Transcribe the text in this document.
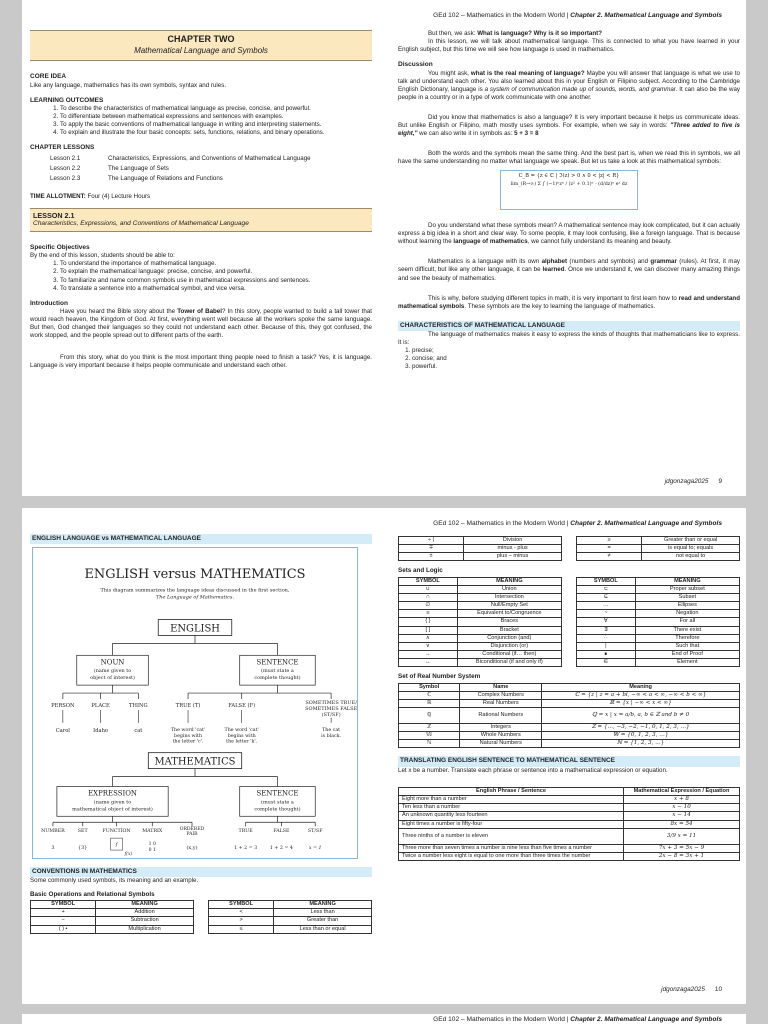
GEd 102 – Mathematics in the Modern World | Chapter 2. Mathematical Language and Symbols
CHAPTER TWO
Mathematical Language and Symbols
CORE IDEA

Like any language, mathematics has its own symbols, syntax and rules.

LEARNING OUTCOMES
1. To describe the characteristics of mathematical language as precise, concise, and powerful.
2. To differentiate between mathematical expressions and sentences with examples.
3. To apply the basic conventions of mathematical language in writing and interpreting statements.
4. To explain and illustrate the four basic concepts: sets, functions, relations, and binary operations.
CHAPTER LESSONS
Lesson 2.1	Characteristics, Expressions, and Conventions of Mathematical Language
Lesson 2.2	The Language of Sets
Lesson 2.3	The Language of Relations and Functions

TIME ALLOTMENT: Four (4) Lecture Hours

LESSON 2.1
Characteristics, Expressions, and Conventions of Mathematical Language
Specific Objectives

By the end of this lesson, students should be able to:

1. To understand the importance of mathematical language.
2. To explain the mathematical language: precise, concise, and powerful.
3. To familiarize and name common symbols use in mathematical expressions and sentences.
4. To translate a sentence into a mathematical symbol, and vice versa.
Introduction

Have you heard the Bible story about the Tower of Babel? In this story, people wanted to build a tall tower that would reach heaven, the Kingdom of God. At first, everything went well because all the workers spoke the same language. But then, God changed their languages so they could not understand each other. Because of this, they got confused, the work stopped, and the people spread out to different parts of the earth.

From this story, what do you think is the most important thing people need to finish a task? Yes, it is language. Language is very important because it helps people communicate and understand each other.

But then, we ask: What is language? Why is it so important?

In this lesson, we will talk about mathematical language. This is connected to what you have learned in your English subject, but this time we will see how language is used in mathematics.

Discussion

You might ask, what is the real meaning of language? Maybe you will answer that language is what we use to talk and understand each other. You also learned about this in your English or Filipino subject. According to the Cambridge English Dictionary, language is a system of communication made up of sounds, words, and grammar. It can also be the way people in a country or in a type of work communicate with one another.

Did you know that mathematics is also a language? It is very important because it helps us communicate ideas. But unlike English or Filipino, math mostly uses symbols. For example, when we say in words: "Three added to five is eight," we can also write it in symbols as: 5 + 3 = 8

Both the words and the symbols mean the same thing. And the best part is, when we read this in symbols, we all have the same understanding no matter what language we speak. But let us take a look at this mathematical symbols:

C_B = {z ∈ ℂ | ℑ(z) > 0 ∧ 0 < |z| < R}
lim_(R→∞) Σ ∫ (−1)ⁿzⁿ / (z² + 0.1)ⁿ · (d/dz)ⁿ eᶻ dz

Do you understand what these symbols mean? A mathematical sentence may look complicated, but it can actually express a big idea in a short and clear way. To some people, it may look confusing, like a foreign language. That is because without learning the language of mathematics, we cannot fully understand its meaning and beauty.

Mathematics is a language with its own alphabet (numbers and symbols) and grammar (rules). At first, it may seem difficult, but like any other language, it can be learned. Once we understand it, we can discover many amazing things and see the beauty of mathematics.

This is why, before studying different topics in math, it is very important to first learn how to read and understand mathematical symbols. These symbols are the key to learning the language of mathematics.

CHARACTERISTICS OF MATHEMATICAL LANGUAGE

The language of mathematics makes it easy to express the kinds of thoughts that mathematicians like to express. It is:

1. precise;
2. concise; and
3. powerful.
jdgonzaga2025 9
GEd 102 – Mathematics in the Modern World | Chapter 2. Mathematical Language and Symbols
ENGLISH LANGUAGE vs MATHEMATICAL LANGUAGE
ENGLISH versus MATHEMATICS
This diagram summarizes the language ideas discussed in the first section,
The Language of Mathematics.
ENGLISH
NOUN
(name given to
object of interest)
SENTENCE
(must state a
complete thought)
PERSON	PLACE	THING	TRUE (T)	FALSE (F)	SOMETIMES TRUE/
SOMETIMES FALSE
(ST/SF)
Carol	Idaho	cat	The word 'cat'
begins with
the letter 'c'.
The word 'cat'
begins with
the letter 'k'.
The cat
is black.
MATHEMATICS
EXPRESSION
(name given to
mathematical object of interest)
SENTENCE
(must state a
complete thought)
NUMBER	SET	FUNCTION MATRIX	ORDERED
PAIR
TRUE	FALSE	ST/SF
3	{3}	f
f(x)
1 0
0 1	(x,y)	1 + 2 = 3	1 + 2 = 4	x = 1
CONVENTIONS IN MATHEMATICS

Some commonly used symbols, its meaning and an example.

Basic Operations and Relational Symbols
SYMBOL	MEANING
+	Addition
−	Subtraction
( ) •	Multiplication
SYMBOL	MEANING
<	Less than
>	Greater than
≤	Less than or equal
÷ |	Division
∓	minus - plus
±	plus – minus
≥	Greater than or equal
=	is equal to; equals
≠	not equal to
Sets and Logic
SYMBOL	MEANING
∪	Union
∩	Intersection
∅	Null/Empty Set
≡	Equivalent to/Congruence
{ }	Braces
[ ]	Bracket
∧	Conjunction (and)
∨	Disjunction (or)
→	Conditional (if… then)
↔	Biconditional (if and only if)
SYMBOL	MEANING
⊂	Proper subset
⊆	Subset
…	Ellipses
~	Negation
∀	For all
∃	There exist
∴	Therefore
|	Such that
∎	End of Proof
∈	Element
Set of Real Number System
Symbol	Name	Meaning
ℂ	Complex Numbers	ℂ = {z | z = a + bi, −∞ < a < ∞, −∞ < b < ∞}
ℝ	Real Numbers	ℝ = {x | −∞ < x < ∞}
ℚ	Rational Numbers	ℚ = x | x = a/b, a, b ∈ ℤ and b ≠ 0
ℤ	Integers	ℤ = {…, −3, −2, −1, 0, 1, 2, 3, …}
𝕎	Whole Numbers	𝕎 = {0, 1, 2, 3, …}
ℕ	Natural Numbers	ℕ = {1, 2, 3, …}
TRANSLATING ENGLISH SENTENCE TO MATHEMATICAL SENTENCE

Let x be a number. Translate each phrase or sentence into a mathematical expression or equation.

English Phrase / Sentence	Mathematical Expression / Equation
Eight more than a number	x + 8
Ten less than a number	x − 10
An unknown quantity less fourteen	x − 14
Eight times a number is fifty-four	8x = 54
Three ninths of a number is eleven	3/9 x = 11
Three more than seven times a number is nine less than five times a number	7x + 3 = 5x − 9
Twice a number less eight is equal to one more than three times the number	2x − 8 = 3x + 1
jdgonzaga2025 10
GEd 102 – Mathematics in the Modern World | Chapter 2. Mathematical Language and Symbols
